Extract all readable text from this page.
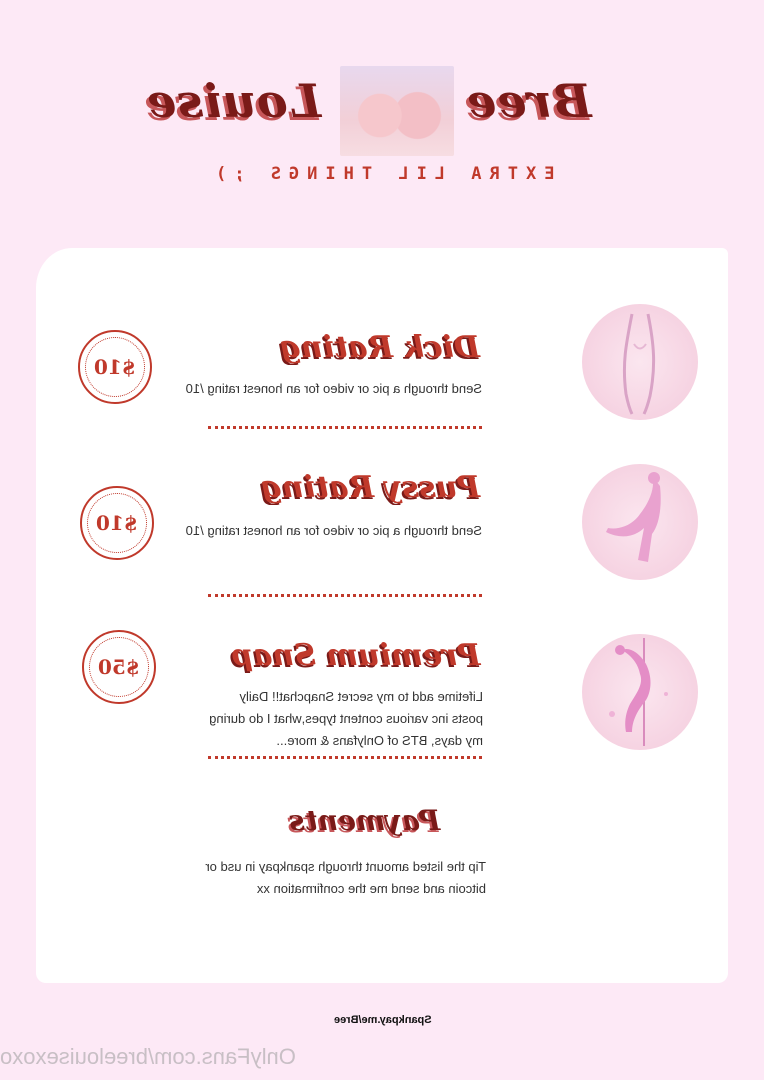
Louise	Bree
EXTRA LIL THINGS ;)
$10
Dick Rating
Send through a pic or video for an honest rating /10
$10
Pussy Rating
Send through a pic or video for an honest rating /10
$50	Premium Snap
Lifetime add to my secret Snapchat!! Daily posts inc various content types,what I do during my days, BTS of Onlyfans & more...
Payments
Tip the listed amount through spankpay in usd or bitcoin and send me the confirmation xx
Spankpay.me/Bree
OnlyFans.com/breelouisexoxo
